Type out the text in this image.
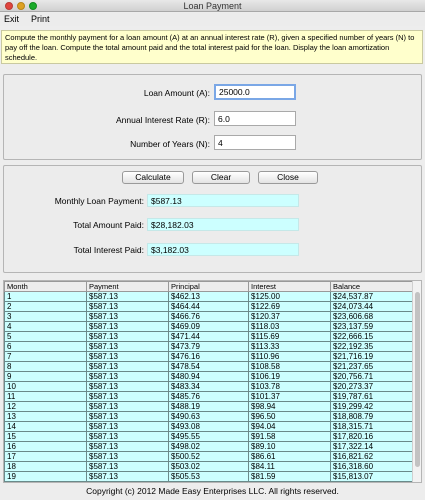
Loan Payment
Exit Print
Compute the monthly payment for a loan amount (A) at an annual interest rate (R), given a specified number of years (N) to pay off the loan. Compute the total amount paid and the total interest paid for the loan. Display the loan amortization schedule.
Loan Amount (A):
25000.0
Annual Interest Rate (R):
6.0
Number of Years (N):
4
Calculate	Clear	Close
Monthly Loan Payment: $587.13
Total Amount Paid: $28,182.03
Total Interest Paid: $3,182.03
Month	Payment	Principal	Interest	Balance
1	$587.13	$462.13	$125.00	$24,537.87
2	$587.13	$464.44	$122.69	$24,073.44
3	$587.13	$466.76	$120.37	$23,606.68
4	$587.13	$469.09	$118.03	$23,137.59
5	$587.13	$471.44	$115.69	$22,666.15
6	$587.13	$473.79	$113.33	$22,192.35
7	$587.13	$476.16	$110.96	$21,716.19
8	$587.13	$478.54	$108.58	$21,237.65
9	$587.13	$480.94	$106.19	$20,756.71
10	$587.13	$483.34	$103.78	$20,273.37
11	$587.13	$485.76	$101.37	$19,787.61
12	$587.13	$488.19	$98.94	$19,299.42
13	$587.13	$490.63	$96.50	$18,808.79
14	$587.13	$493.08	$94.04	$18,315.71
15	$587.13	$495.55	$91.58	$17,820.16
16	$587.13	$498.02	$89.10	$17,322.14
17	$587.13	$500.52	$86.61	$16,821.62
18	$587.13	$503.02	$84.11	$16,318.60
19	$587.13	$505.53	$81.59	$15,813.07
Copyright (c) 2012 Made Easy Enterprises LLC. All rights reserved.
